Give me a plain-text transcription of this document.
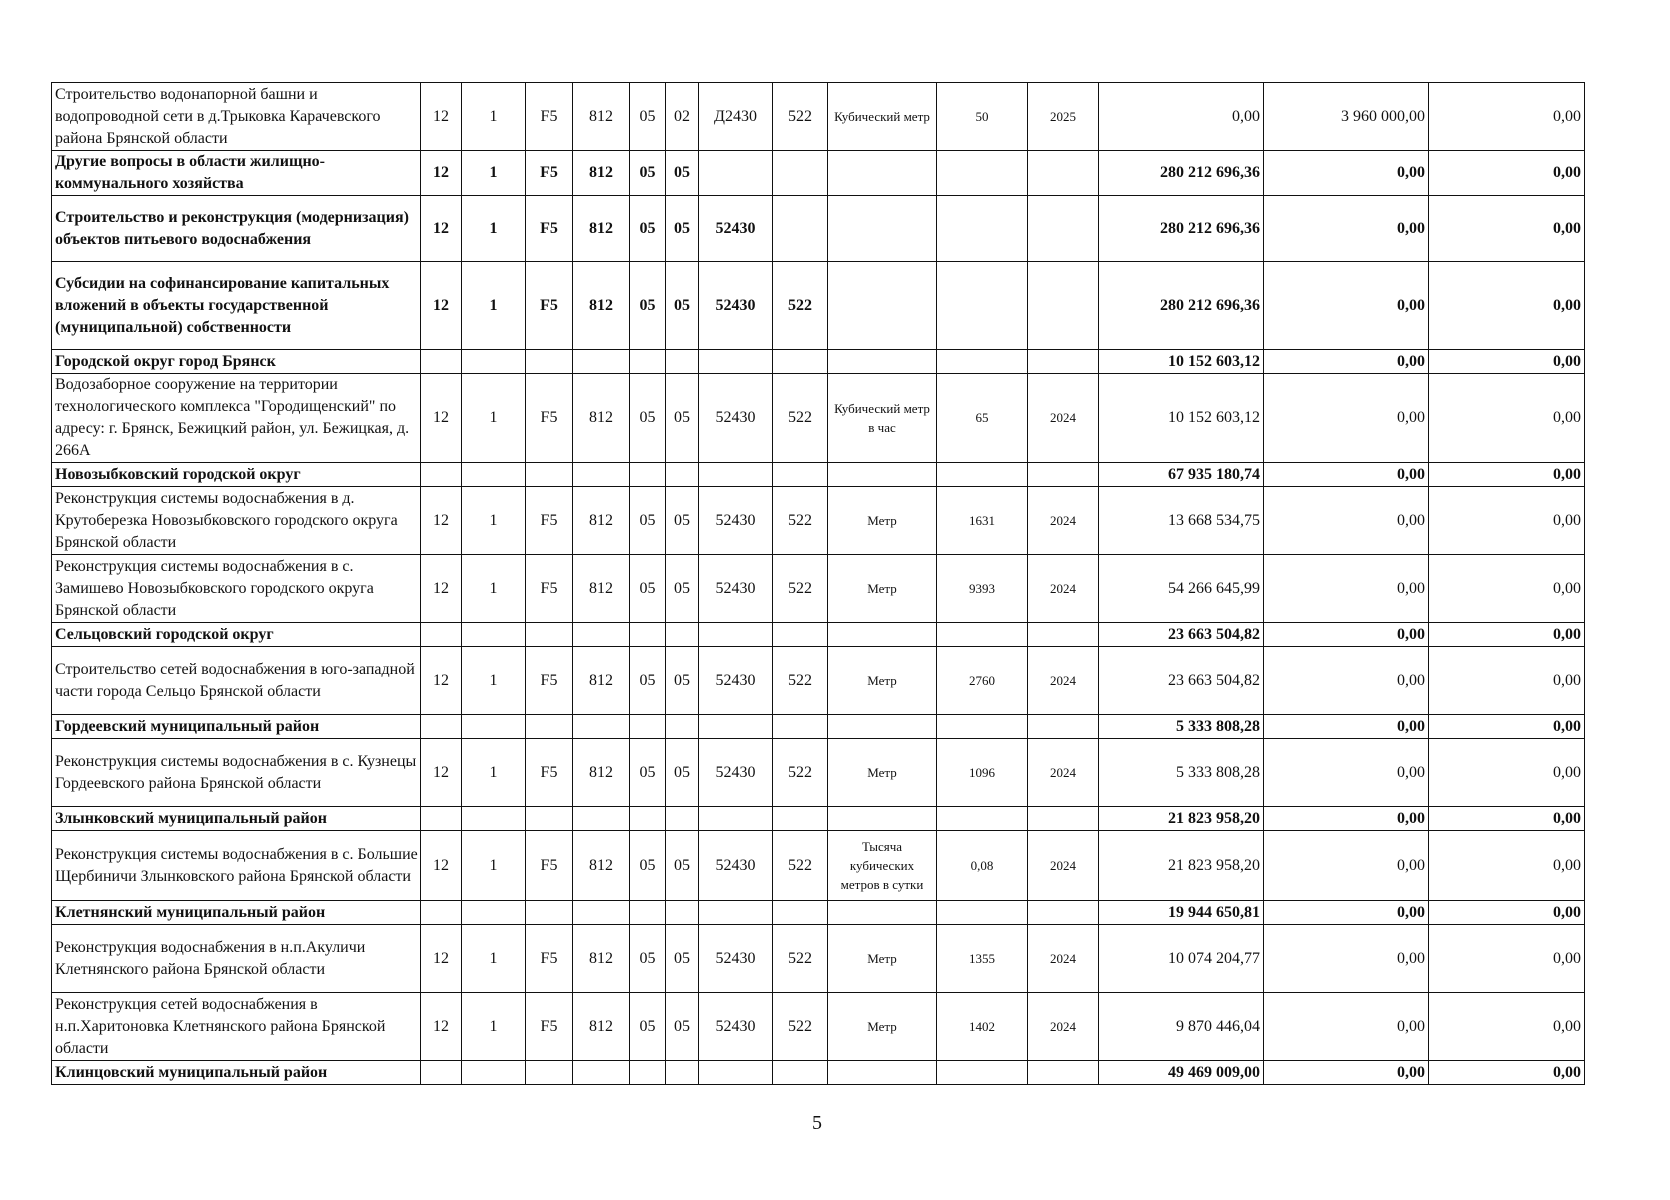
Строительство водонапорной башни и водопроводной сети в д.Трыковка Карачевского района Брянской области	12	1	F5	812	05	02	Д2430	522	Кубический метр	50	2025	0,00	3 960 000,00	0,00
Другие вопросы в области жилищно-коммунального хозяйства	12	1	F5	812	05	05						280 212 696,36	0,00	0,00
Строительство и реконструкция (модернизация) объектов питьевого водоснабжения	12	1	F5	812	05	05	52430					280 212 696,36	0,00	0,00
Субсидии на софинансирование капитальных вложений в объекты государственной (муниципальной) собственности	12	1	F5	812	05	05	52430	522				280 212 696,36	0,00	0,00
Городской округ город Брянск												10 152 603,12	0,00	0,00
Водозаборное сооружение на территории технологического комплекса "Городищенский" по адресу: г. Брянск, Бежицкий район, ул. Бежицкая, д. 266А	12	1	F5	812	05	05	52430	522	Кубический метр в час	65	2024	10 152 603,12	0,00	0,00
Новозыбковский городской округ												67 935 180,74	0,00	0,00
Реконструкция системы водоснабжения в д. Крутоберезка Новозыбковского городского округа Брянской области	12	1	F5	812	05	05	52430	522	Метр	1631	2024	13 668 534,75	0,00	0,00
Реконструкция системы водоснабжения в с. Замишево Новозыбковского городского округа Брянской области	12	1	F5	812	05	05	52430	522	Метр	9393	2024	54 266 645,99	0,00	0,00
Сельцовский городской округ												23 663 504,82	0,00	0,00
Строительство сетей водоснабжения в юго-западной части города Сельцо Брянской области	12	1	F5	812	05	05	52430	522	Метр	2760	2024	23 663 504,82	0,00	0,00
Гордеевский муниципальный район												5 333 808,28	0,00	0,00
Реконструкция системы водоснабжения в с. Кузнецы Гордеевского района Брянской области	12	1	F5	812	05	05	52430	522	Метр	1096	2024	5 333 808,28	0,00	0,00
Злынковский муниципальный район												21 823 958,20	0,00	0,00
Реконструкция системы водоснабжения в с. Большие Щербиничи Злынковского района Брянской области	12	1	F5	812	05	05	52430	522	Тысяча кубических метров в сутки	0,08	2024	21 823 958,20	0,00	0,00
Клетнянский муниципальный район												19 944 650,81	0,00	0,00
Реконструкция водоснабжения в н.п.Акуличи Клетнянского района Брянской области	12	1	F5	812	05	05	52430	522	Метр	1355	2024	10 074 204,77	0,00	0,00
Реконструкция сетей водоснабжения в н.п.Харитоновка Клетнянского района Брянской области	12	1	F5	812	05	05	52430	522	Метр	1402	2024	9 870 446,04	0,00	0,00
Клинцовский муниципальный район												49 469 009,00	0,00	0,00
5
